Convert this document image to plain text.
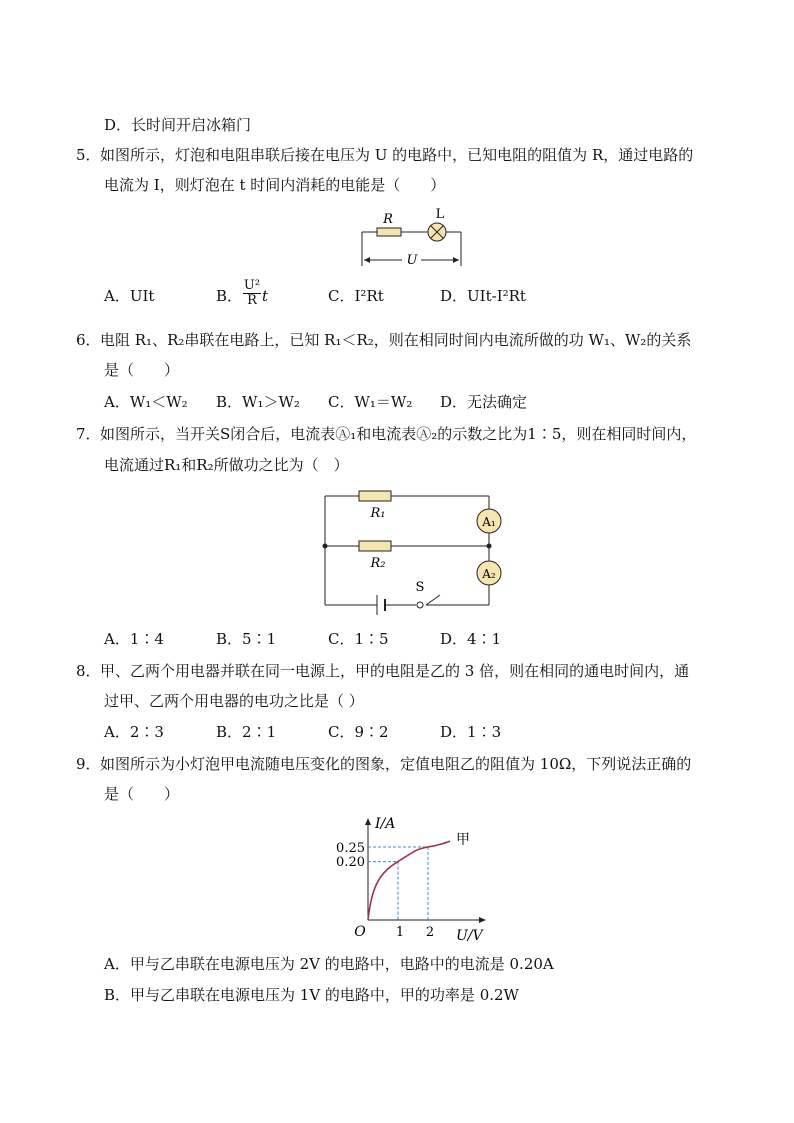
D．长时间开启冰箱门
5． 如图所示，灯泡和电阻串联后接在电压为 U 的电路中，已知电阻的阻值为 R，通过电路的
电流为 I，则灯泡在 t 时间内消耗的电能是（　　）
R	L
U
A．UIt	B． $\frac{\text{U²}}{R}$ t	C．I²Rt	D．UIt-I²Rt
6． 电阻 R₁、R₂串联在电路上，已知 R₁＜R₂，则在相同时间内电流所做的功 W₁、W₂的关系
是（　　）
A．W₁＜W₂ B．W₁＞W₂ C．W₁＝W₂ D．无法确定
7． 如图所示，当开关S闭合后，电流表Ⓐ₁和电流表Ⓐ₂的示数之比为1∶5，则在相同时间内，
电流通过R₁和R₂所做功之比为（　）
R₁
R₂
A₁
A₂
S
A．1∶4	B．5∶1	C．1∶5	D．4∶1
8． 甲、乙两个用电器并联在同一电源上，甲的电阻是乙的 3 倍，则在相同的通电时间内，通
过甲、乙两个用电器的电功之比是（ ）
A．2∶3	B．2∶1	C．9∶2	D．1∶3
9． 如图所示为小灯泡甲电流随电压变化的图象，定值电阻乙的阻值为 10Ω，下列说法正确的
是（　　）
I/A
U/V
O
0.25
0.20
1 2
甲
A．甲与乙串联在电源电压为 2V 的电路中，电路中的电流是 0.20A
B．甲与乙串联在电源电压为 1V 的电路中，甲的功率是 0.2W
